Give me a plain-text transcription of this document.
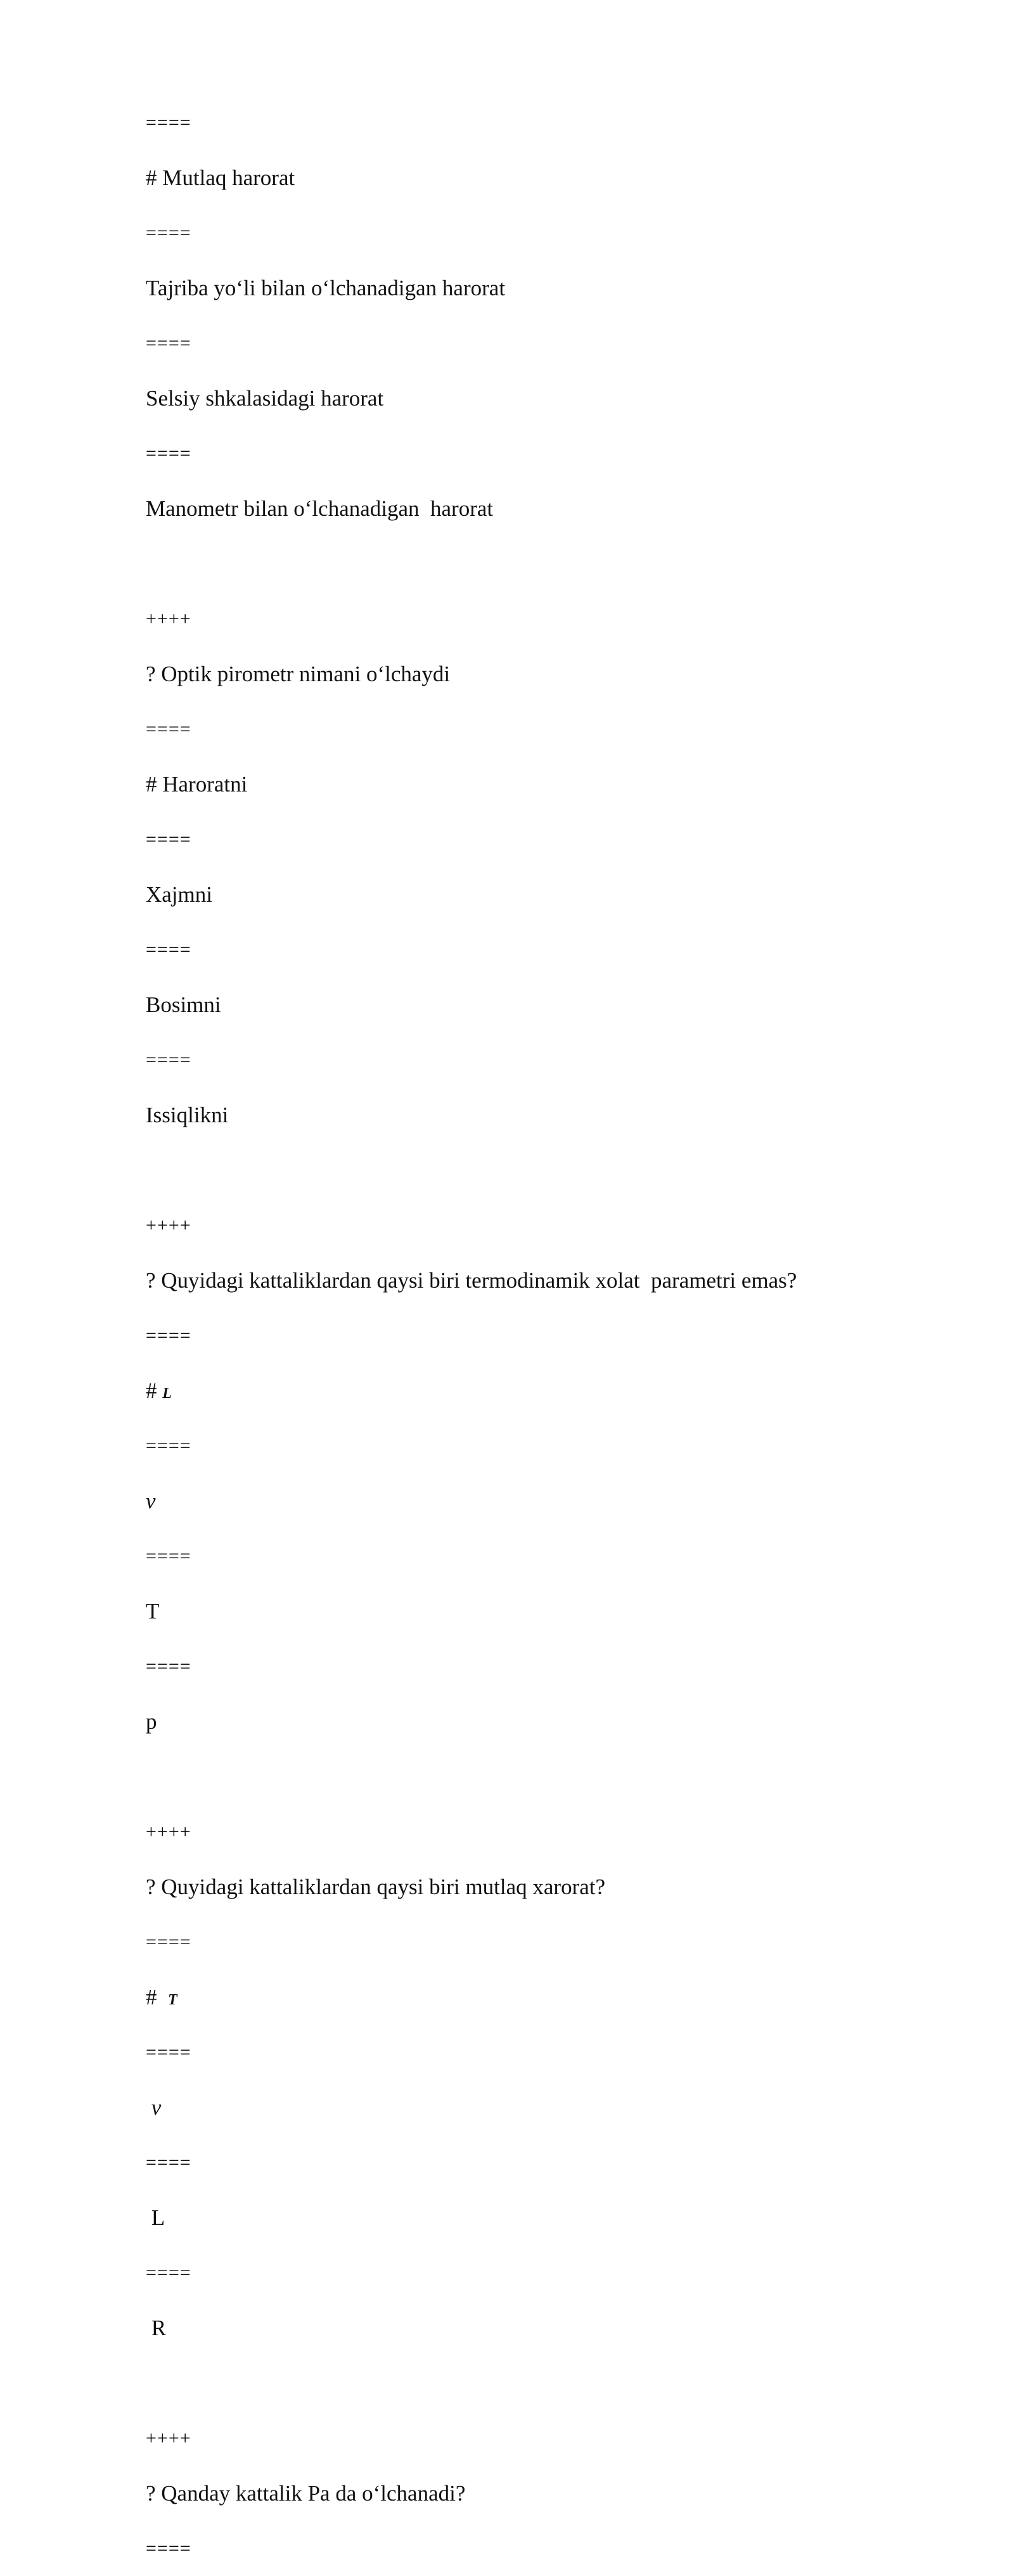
====
# Mutlaq harorat
====
Tajriba yo‘li bilan o‘lchanadigan harorat
====
Selsiy shkalasidagi harorat
====
Manometr bilan o‘lchanadigan  harorat
++++
? Optik pirometr nimani o‘lchaydi
====
# Haroratni
====
Xajmni
====
Bosimni
====
Issiqlikni
++++
? Quyidagi kattaliklardan qaysi biri termodinamik xolat  parametri emas?
====
# L
====
v
====
T
====
p
++++
? Quyidagi kattaliklardan qaysi biri mutlaq xarorat?
====
#  T
====
v
====
L
====
R
++++
? Qanday kattalik Pa da o‘lchanadi?
====
